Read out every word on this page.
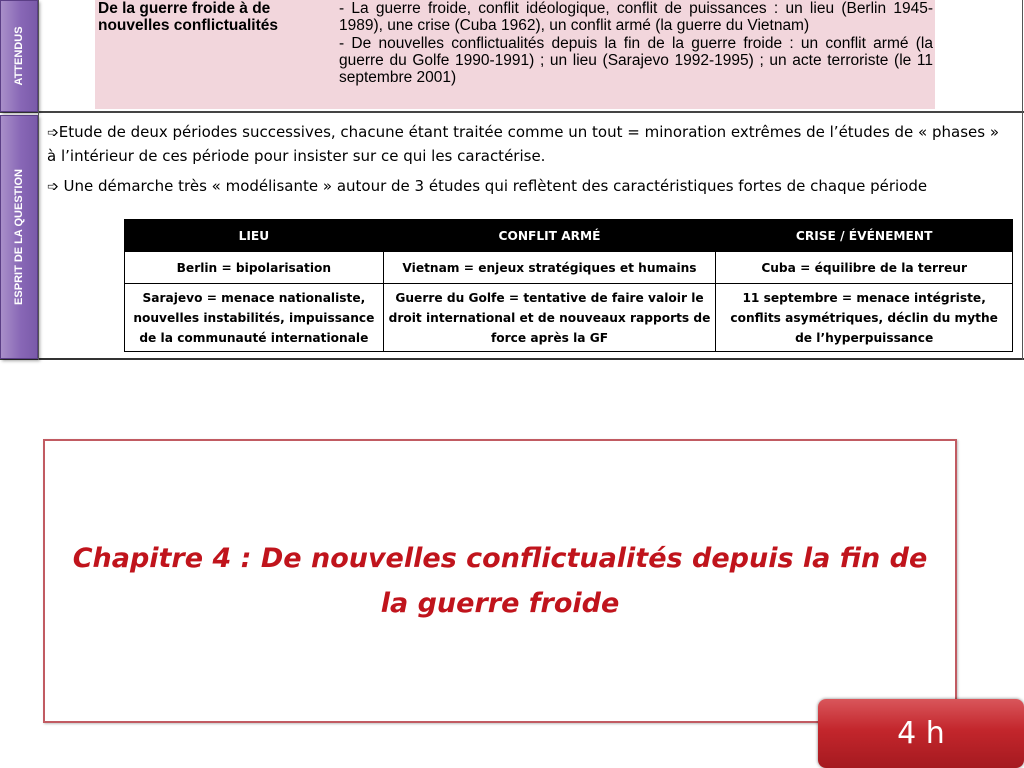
ATTENDUS
De la guerre froide à de nouvelles conflictualités

- La guerre froide, conflit idéologique, conflit de puissances : un lieu (Berlin 1945-1989), une crise (Cuba 1962), un conflit armé (la guerre du Vietnam)

- De nouvelles conflictualités depuis la fin de la guerre froide : un conflit armé (la guerre du Golfe 1990-1991) ; un lieu (Sarajevo 1992-1995) ; un acte terroriste (le 11 septembre 2001)

ESPRIT DE LA QUESTION

➩Etude de deux périodes successives, chacune étant traitée comme un tout = minoration extrêmes de l’études de « phases » à l’intérieur de ces période pour insister sur ce qui les caractérise.

➩ Une démarche très « modélisante » autour de 3 études qui reflètent des caractéristiques fortes de chaque période

LIEU	CONFLIT ARMÉ	CRISE / ÉVÉNEMENT
Berlin = bipolarisation	Vietnam = enjeux stratégiques et humains	Cuba = équilibre de la terreur
Sarajevo = menace nationaliste, nouvelles instabilités, impuissance de la communauté internationale	Guerre du Golfe = tentative de faire valoir le droit international et de nouveaux rapports de force après la GF	11 septembre = menace intégriste, conflits asymétriques, déclin du mythe de l’hyperpuissance
Chapitre 4 : De nouvelles conflictualités depuis la fin de la guerre froide
4 h
